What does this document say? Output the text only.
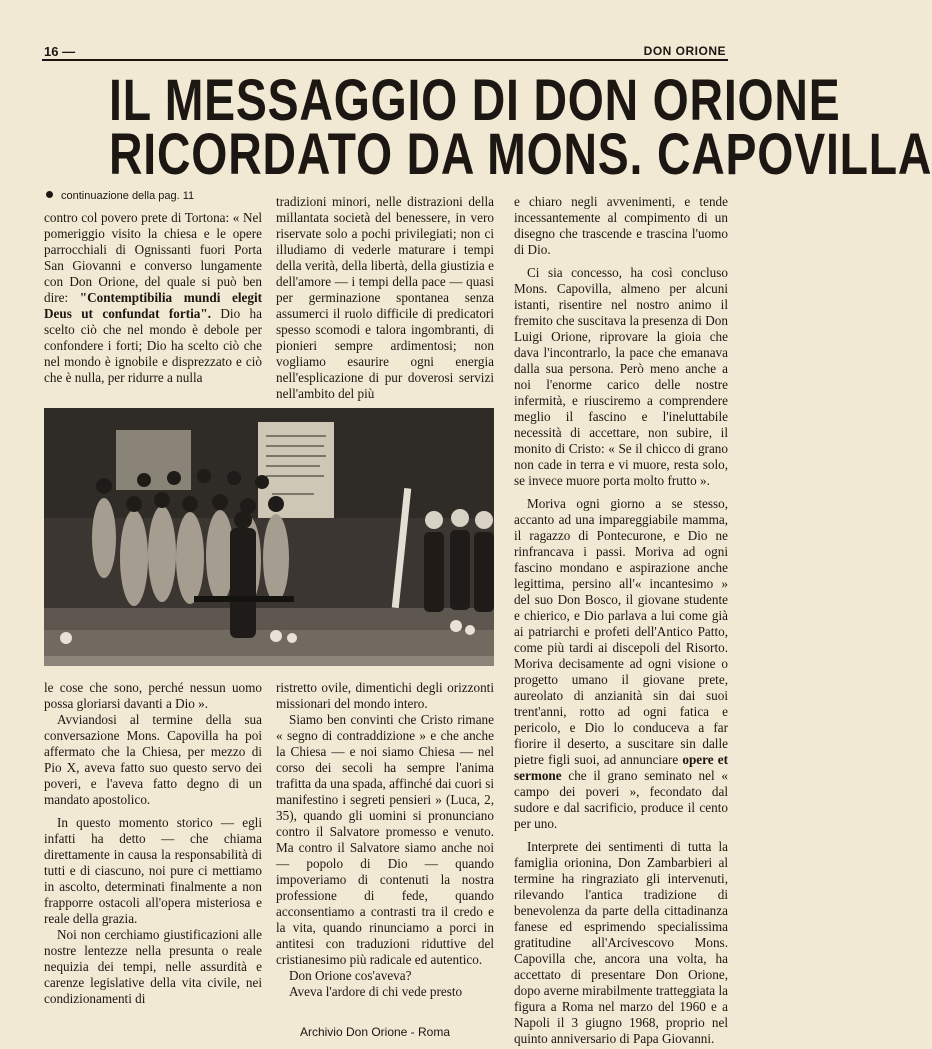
16 —	DON ORIONE
IL MESSAGGIO DI DON ORIONE
RICORDATO DA MONS. CAPOVILLA
continuazione della pag. 11

contro col povero prete di Tortona: « Nel pomeriggio visito la chiesa e le opere parrocchiali di Ognissanti fuori Porta San Giovanni e converso lungamente con Don Orione, del quale si può ben dire: "Contemptibilia mundi elegit Deus ut confundat fortia". Dio ha scelto ciò che nel mondo è debole per confondere i forti; Dio ha scelto ciò che nel mondo è ignobile e disprezzato e ciò che è nulla, per ridurre a nulla

tradizioni minori, nelle distrazioni della millantata società del benessere, in vero riservate solo a pochi privilegiati; non ci illudiamo di vederle maturare i tempi della verità, della libertà, della giustizia e dell'amore — i tempi della pace — quasi per germinazione spontanea senza assumerci il ruolo difficile di predicatori spesso scomodi e talora ingombranti, di pionieri sempre ardimentosi; non vogliamo esaurire ogni energia nell'esplicazione di pur doverosi servizi nell'ambito del più

le cose che sono, perché nessun uomo possa gloriarsi davanti a Dio ».

Avviandosi al termine della sua conversazione Mons. Capovilla ha poi affermato che la Chiesa, per mezzo di Pio X, aveva fatto suo questo servo dei poveri, e l'aveva fatto degno di un mandato apostolico.

In questo momento storico — egli infatti ha detto — che chiama direttamente in causa la responsabilità di tutti e di ciascuno, noi pure ci mettiamo in ascolto, determinati finalmente a non frapporre ostacoli all'opera misteriosa e reale della grazia.

Noi non cerchiamo giustificazioni alle nostre lentezze nella presunta o reale nequizia dei tempi, nelle assurdità e carenze legislative della vita civile, nei condizionamenti di

ristretto ovile, dimentichi degli orizzonti missionari del mondo intero.

Siamo ben convinti che Cristo rimane « segno di contraddizione » e che anche la Chiesa — e noi siamo Chiesa — nel corso dei secoli ha sempre l'anima trafitta da una spada, affinché dai cuori si manifestino i segreti pensieri » (Luca, 2, 35), quando gli uomini si pronunciano contro il Salvatore promesso e venuto. Ma contro il Salvatore siamo anche noi — popolo di Dio — quando impoveriamo di contenuti la nostra professione di fede, quando acconsentiamo a contrasti tra il credo e la vita, quando rinunciamo a porci in antitesi con traduzioni riduttive del cristianesimo più radicale ed autentico.

Don Orione cos'aveva?

Aveva l'ardore di chi vede presto

e chiaro negli avvenimenti, e tende incessantemente al compimento di un disegno che trascende e trascina l'uomo di Dio.

Ci sia concesso, ha così concluso Mons. Capovilla, almeno per alcuni istanti, risentire nel nostro animo il fremito che suscitava la presenza di Don Luigi Orione, riprovare la gioia che dava l'incontrarlo, la pace che emanava dalla sua persona. Però meno anche a noi l'enorme carico delle nostre infermità, e riusciremo a comprendere meglio il fascino e l'ineluttabile necessità di accettare, non subire, il monito di Cristo: « Se il chicco di grano non cade in terra e vi muore, resta solo, se invece muore porta molto frutto ».

Moriva ogni giorno a se stesso, accanto ad una impareggiabile mamma, il ragazzo di Pontecurone, e Dio ne rinfrancava i passi. Moriva ad ogni fascino mondano e aspirazione anche legittima, persino all'« incantesimo » del suo Don Bosco, il giovane studente e chierico, e Dio parlava a lui come già ai patriarchi e profeti dell'Antico Patto, come più tardi ai discepoli del Risorto. Moriva decisamente ad ogni visione o progetto umano il giovane prete, aureolato di anzianità sin dai suoi trent'anni, rotto ad ogni fatica e pericolo, e Dio lo conduceva a far fiorire il deserto, a suscitare sin dalle pietre figli suoi, ad annunciare opere et sermone che il grano seminato nel « campo dei poveri », fecondato dal sudore e dal sacrificio, produce il cento per uno.

Interprete dei sentimenti di tutta la famiglia orionina, Don Zambarbieri al termine ha ringraziato gli intervenuti, rilevando l'antica tradizione di benevolenza da parte della cittadinanza fanese ed esprimendo specialissima gratitudine all'Arcivescovo Mons. Capovilla che, ancora una volta, ha accettato di presentare Don Orione, dopo averne mirabilmente tratteggiata la figura a Roma nel marzo del 1960 e a Napoli il 3 giugno 1968, proprio nel quinto anniversario di Papa Giovanni.

Archivio Don Orione - Roma
